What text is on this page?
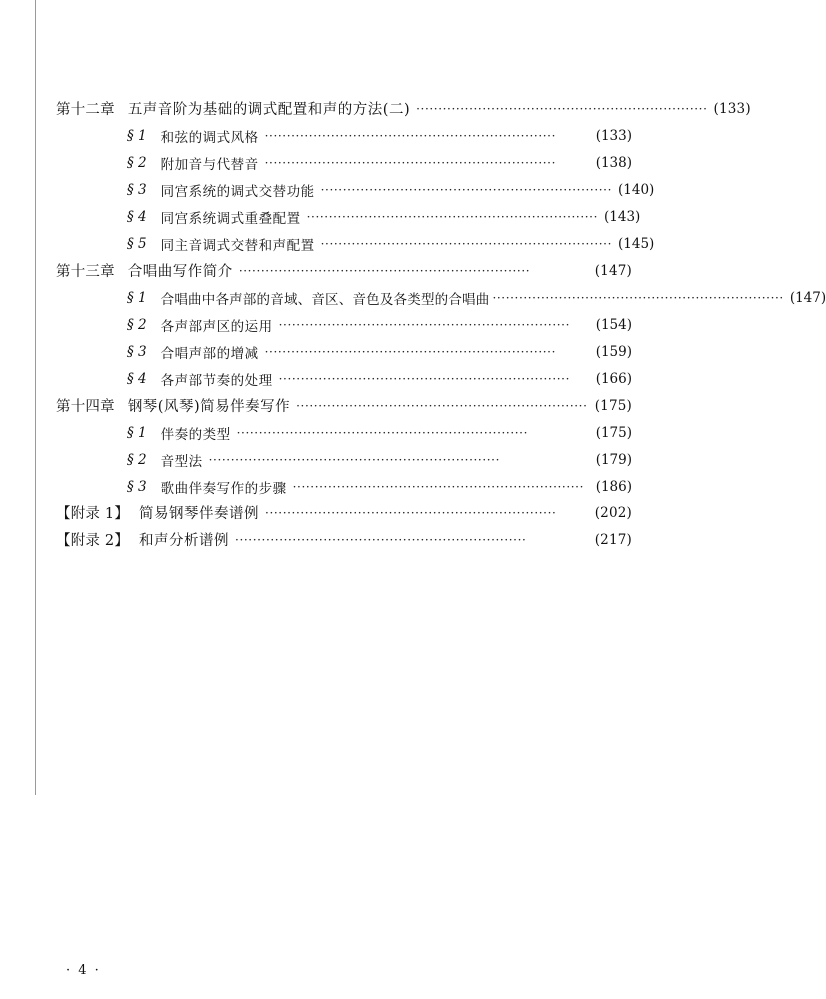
第十二章 五声音阶为基础的调式配置和声的方法(二) ·································································· (133)
§ 1 和弦的调式风格 ··································································	(133)
§ 2 附加音与代替音 ··································································	(138)
§ 3 同宫系统的调式交替功能 ·································································· (140)
§ 4 同宫系统调式重叠配置 ·································································· (143)
§ 5 同主音调式交替和声配置 ·································································· (145)
第十三章 合唱曲写作简介 ··································································	(147)
§ 1 合唱曲中各声部的音域、音区、音色及各类型的合唱曲 ·································································· (147)
§ 2 各声部声区的运用 ··································································	(154)
§ 3 合唱声部的增减 ··································································	(159)
§ 4 各声部节奏的处理 ··································································	(166)
第十四章 钢琴(风琴)简易伴奏写作 ·································································· (175)
§ 1 伴奏的类型 ··································································	(175)
§ 2 音型法 ··································································	(179)
§ 3 歌曲伴奏写作的步骤 ·································································· (186)
【附录 1】 简易钢琴伴奏谱例 ··································································	(202)
【附录 2】 和声分析谱例 ··································································	(217)
· 4 ·
